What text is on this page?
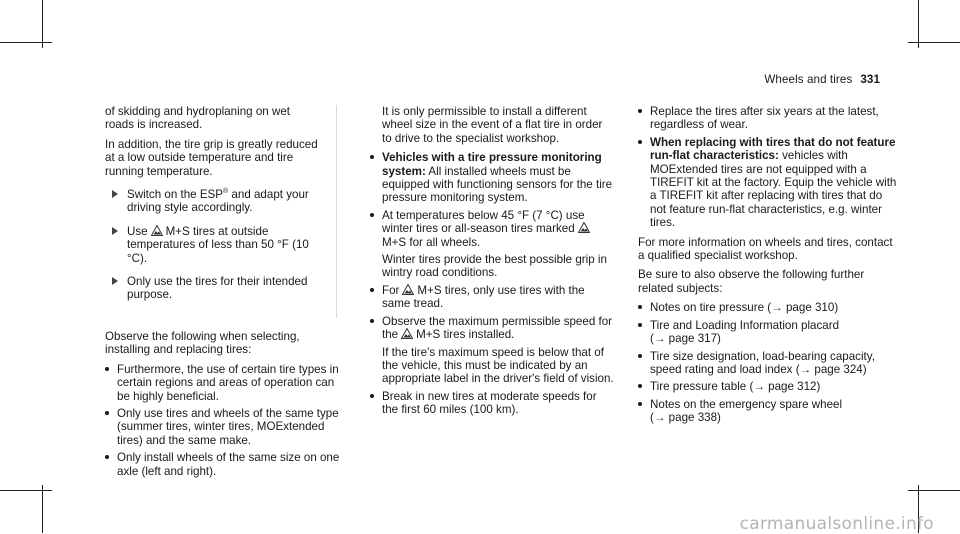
Wheels and tires 331

of skidding and hydroplaning on wet roads is increased.

In addition, the tire grip is greatly reduced at a low outside temperature and tire running temperature.

Switch on the ESP® and adapt your driving style accordingly.
Use M+S tires at outside temperatures of less than 50 °F (10 °C).
Only use the tires for their intended purpose.

Observe the following when selecting, installing and replacing tires:

Furthermore, the use of certain tire types in certain regions and areas of operation can be highly beneficial.
Only use tires and wheels of the same type (summer tires, winter tires, MOExtended tires) and the same make.
Only install wheels of the same size on one axle (left and right).

It is only permissible to install a different wheel size in the event of a flat tire in order to drive to the specialist workshop.

Vehicles with a tire pressure monitoring system: All installed wheels must be equipped with functioning sensors for the tire pressure monitoring system.
At temperatures below 45 °F (7 °C) use winter tires or all-season tires marked
M+S for all wheels.
Winter tires provide the best possible grip in wintry road conditions.
For M+S tires, only use tires with the same tread.
Observe the maximum permissible speed for the M+S tires installed.
If the tire's maximum speed is below that of the vehicle, this must be indicated by an appropriate label in the driver's field of vision.
Break in new tires at moderate speeds for the first 60 miles (100 km).
Replace the tires after six years at the latest, regardless of wear.
When replacing with tires that do not feature run-flat characteristics: vehicles with MOExtended tires are not equipped with a TIREFIT kit at the factory. Equip the vehicle with a TIREFIT kit after replacing with tires that do not feature run-flat characteristics, e.g. winter tires.

For more information on wheels and tires, contact a qualified specialist workshop.

Be sure to also observe the following further related subjects:

Notes on tire pressure (→ page 310)
Tire and Loading Information placard
(→ page 317)
Tire size designation, load-bearing capacity, speed rating and load index (→ page 324)
Tire pressure table (→ page 312)
Notes on the emergency spare wheel
(→ page 338)
carmanualsonline.info
